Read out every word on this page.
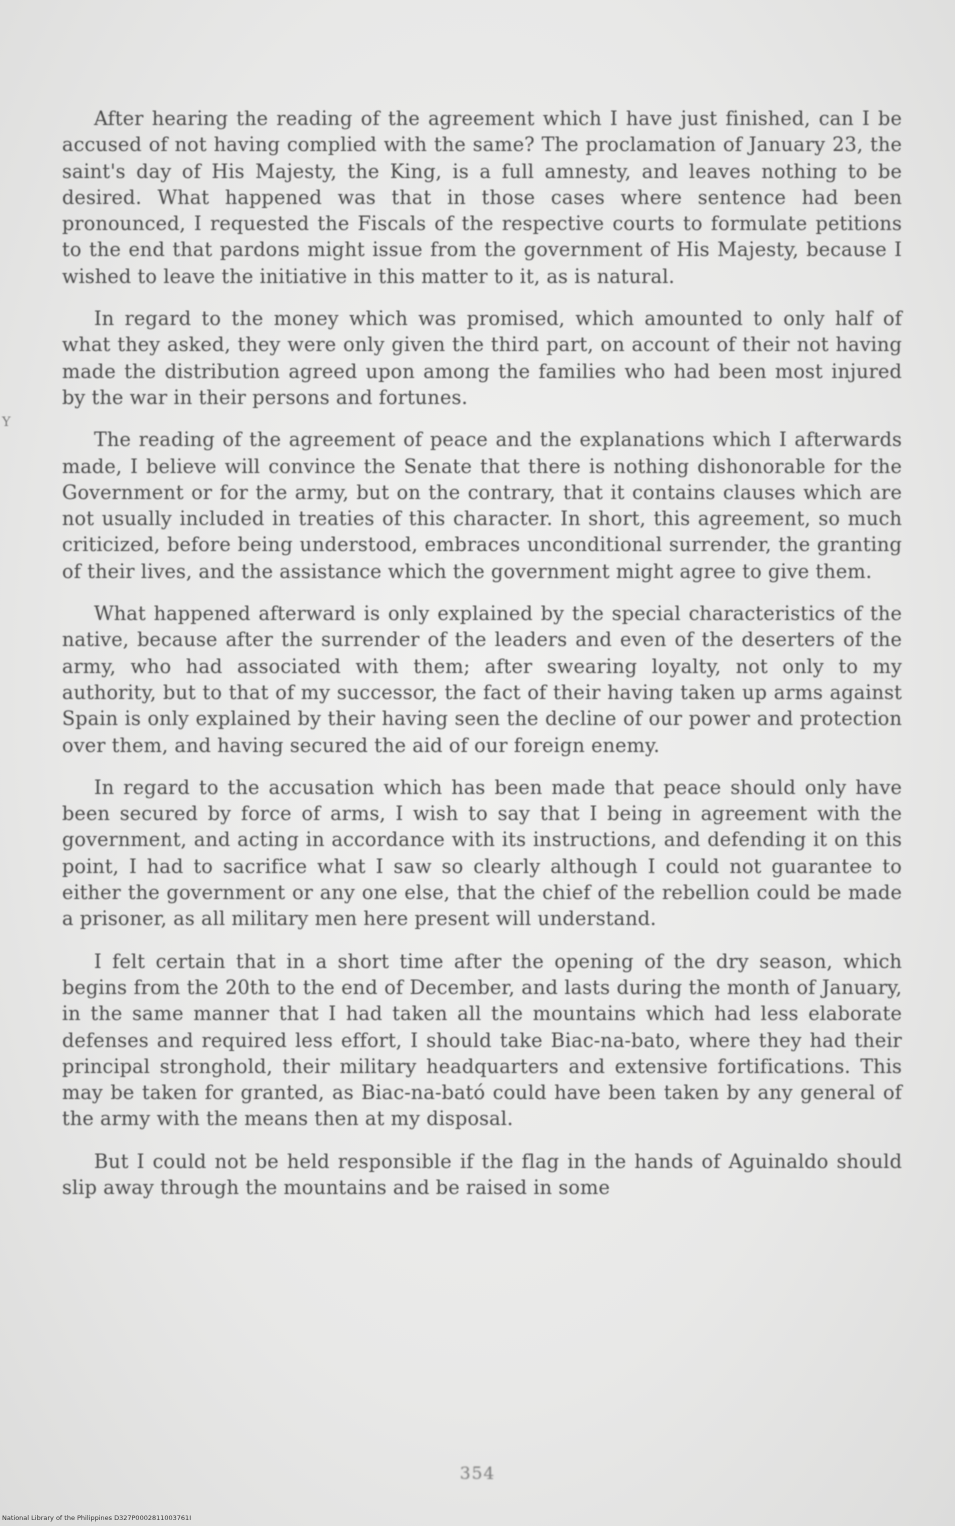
Y

After hearing the reading of the agreement which I have just finished, can I be accused of not having complied with the same? The proclamation of January 23, the saint's day of His Majesty, the King, is a full amnesty, and leaves nothing to be desired. What happened was that in those cases where sentence had been pronounced, I requested the Fiscals of the respective courts to formulate petitions to the end that pardons might issue from the government of His Majesty, because I wished to leave the initiative in this matter to it, as is natural.

In regard to the money which was promised, which amounted to only half of what they asked, they were only given the third part, on account of their not having made the distribution agreed upon among the families who had been most injured by the war in their persons and fortunes.

The reading of the agreement of peace and the explanations which I afterwards made, I believe will convince the Senate that there is nothing dishonorable for the Government or for the army, but on the contrary, that it contains clauses which are not usually included in treaties of this character. In short, this agreement, so much criticized, before being understood, embraces unconditional surrender, the granting of their lives, and the assistance which the government might agree to give them.

What happened afterward is only explained by the special characteristics of the native, because after the surrender of the leaders and even of the deserters of the army, who had associated with them; after swearing loyalty, not only to my authority, but to that of my successor, the fact of their having taken up arms against Spain is only explained by their having seen the decline of our power and protection over them, and having secured the aid of our foreign enemy.

In regard to the accusation which has been made that peace should only have been secured by force of arms, I wish to say that I being in agreement with the government, and acting in accordance with its instructions, and defending it on this point, I had to sacrifice what I saw so clearly although I could not guarantee to either the government or any one else, that the chief of the rebellion could be made a prisoner, as all military men here present will understand.

I felt certain that in a short time after the opening of the dry season, which begins from the 20th to the end of December, and lasts during the month of January, in the same manner that I had taken all the mountains which had less elaborate defenses and required less effort, I should take Biac-na-bato, where they had their principal stronghold, their military headquarters and extensive fortifications. This may be taken for granted, as Biac-na-bató could have been taken by any general of the army with the means then at my disposal.

But I could not be held responsible if the flag in the hands of Aguinaldo should slip away through the mountains and be raised in some

354
National Library of the Philippines D327P0002811003761I
